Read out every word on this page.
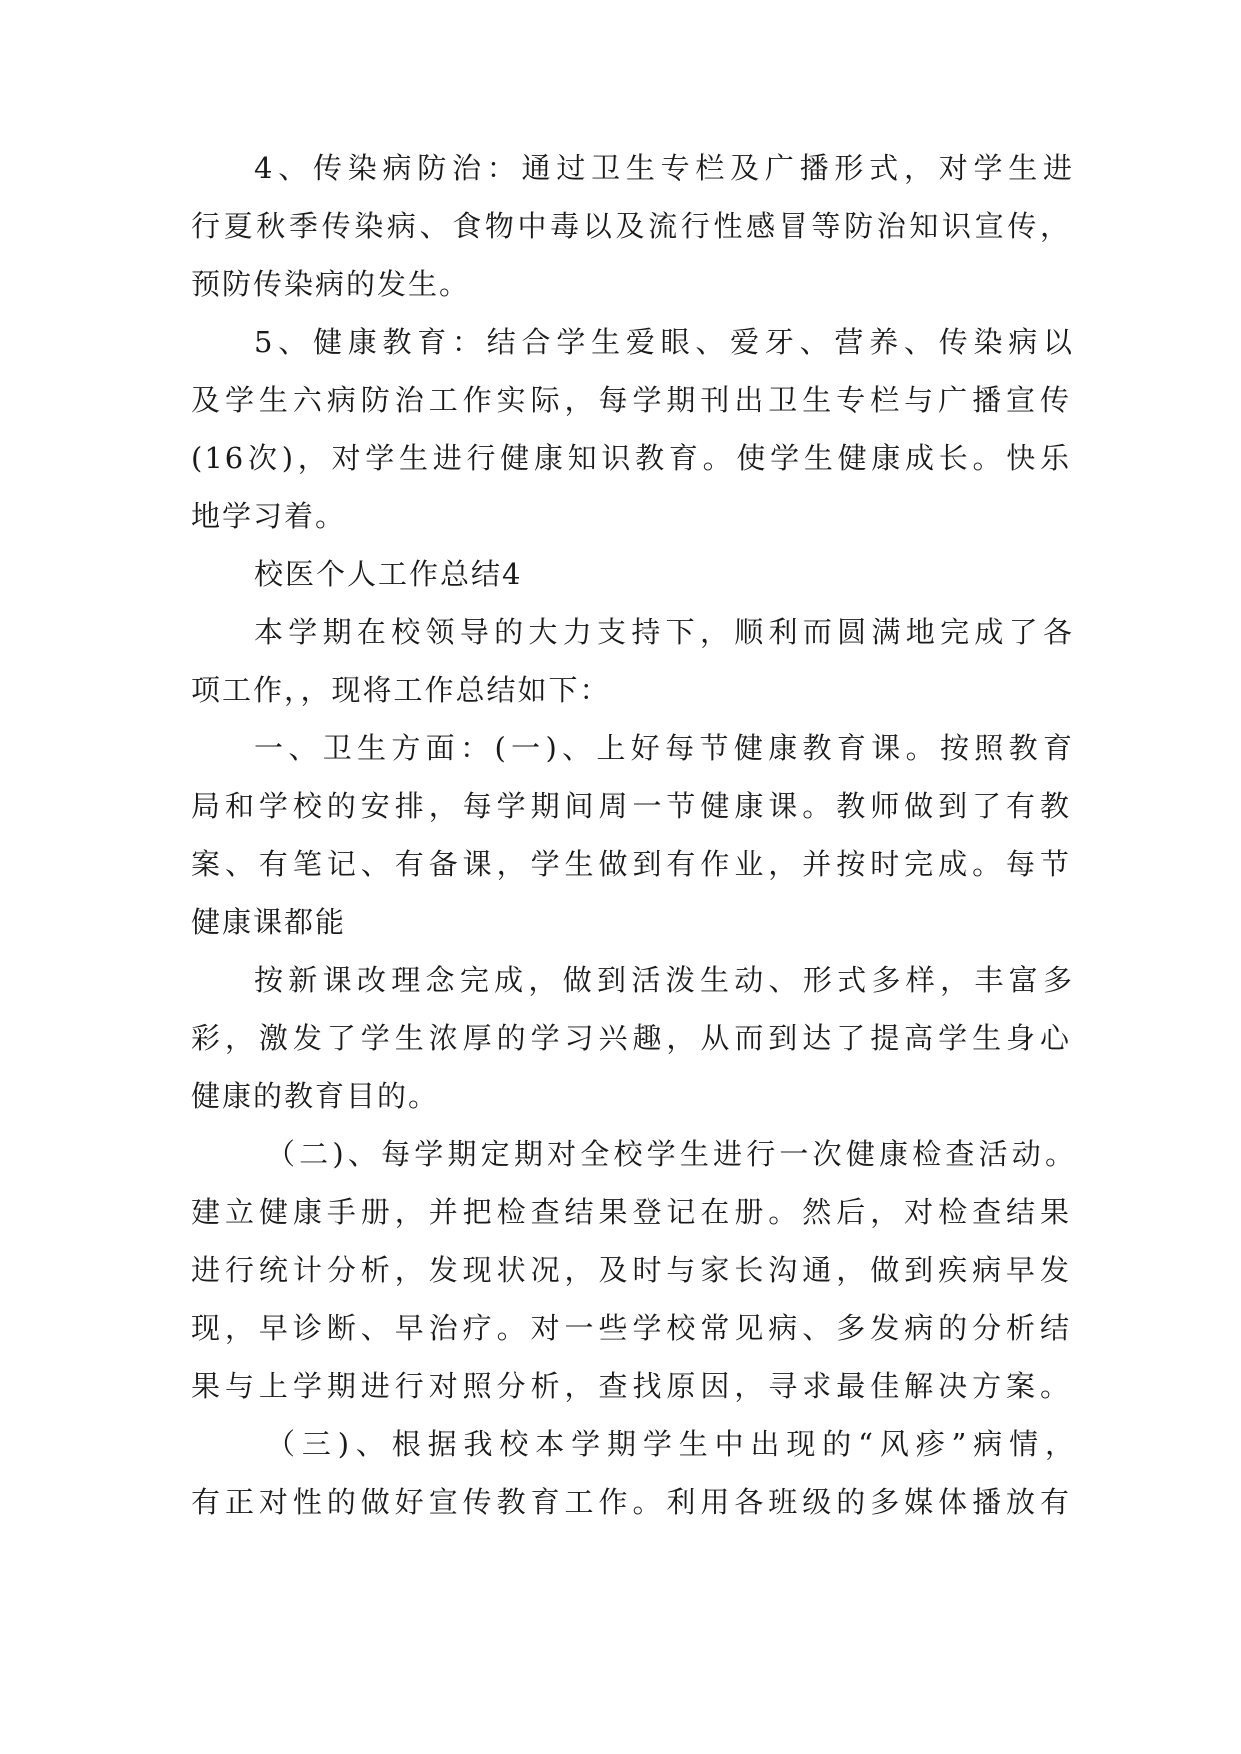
4、传染病防治：通过卫生专栏及广播形式，对学生进
行夏秋季传染病、食物中毒以及流行性感冒等防治知识宣传，
预防传染病的发生。
5、健康教育：结合学生爱眼、爱牙、营养、传染病以
及学生六病防治工作实际，每学期刊出卫生专栏与广播宣传
(16次)，对学生进行健康知识教育。使学生健康成长。快乐
地学习着。
校医个人工作总结4
本学期在校领导的大力支持下，顺利而圆满地完成了各
项工作，，现将工作总结如下：
一、卫生方面：(一)、上好每节健康教育课。按照教育
局和学校的安排，每学期间周一节健康课。教师做到了有教
案、有笔记、有备课，学生做到有作业，并按时完成。每节
健康课都能
按新课改理念完成，做到活泼生动、形式多样，丰富多
彩，激发了学生浓厚的学习兴趣，从而到达了提高学生身心
健康的教育目的。
（二)、每学期定期对全校学生进行一次健康检查活动。
建立健康手册，并把检查结果登记在册。然后，对检查结果
进行统计分析，发现状况，及时与家长沟通，做到疾病早发
现，早诊断、早治疗。对一些学校常见病、多发病的分析结
果与上学期进行对照分析，查找原因，寻求最佳解决方案。
（三)、根据我校本学期学生中出现的“风疹”病情，
有正对性的做好宣传教育工作。利用各班级的多媒体播放有
